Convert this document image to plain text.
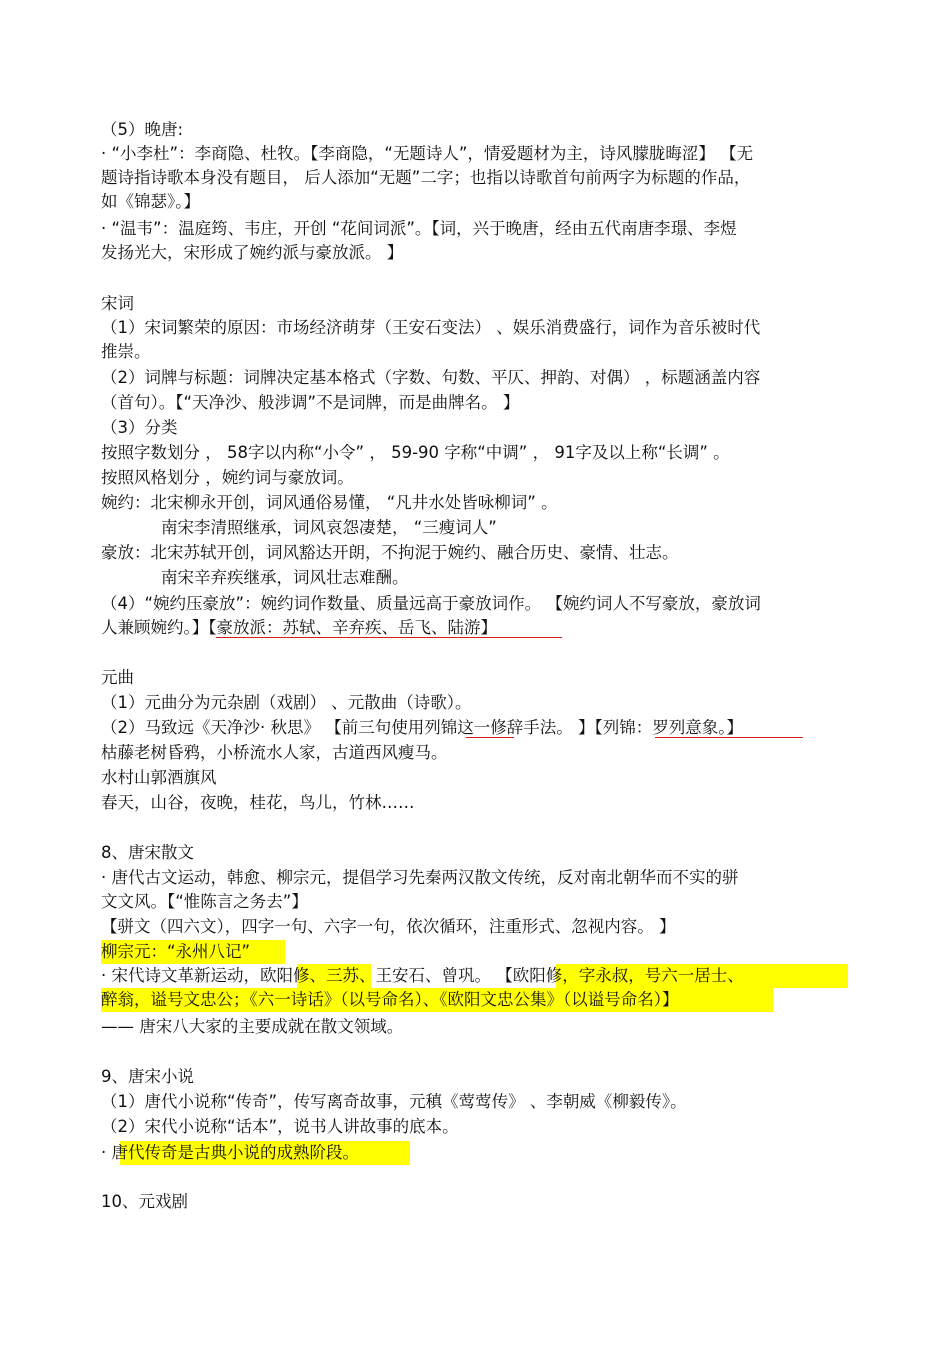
（5）晚唐:
· “小李杜”：李商隐、杜牧。【李商隐，“无题诗人”，情爱题材为主，诗风朦胧晦涩】 【无
题诗指诗歌本身没有题目， 后人添加“无题”二字；也指以诗歌首句前两字为标题的作品，
如《锦瑟》。】
· “温韦”：温庭筠、韦庄，开创 “花间词派”。【词，兴于晚唐，经由五代南唐李璟、李煜
发扬光大，宋形成了婉约派与豪放派。 】
宋词
（1）宋词繁荣的原因：市场经济萌芽（王安石变法） 、娱乐消费盛行，词作为音乐被时代
推崇。
（2）词牌与标题：词牌决定基本格式（字数、句数、平仄、押韵、对偶） ，标题涵盖内容
（首句）。【“天净沙、般涉调”不是词牌，而是曲牌名。 】
（3）分类
按照字数划分 ， 58字以内称“小令” ， 59-90 字称“中调” ， 91字及以上称“长调” 。
按照风格划分 ，婉约词与豪放词。
婉约：北宋柳永开创，词风通俗易懂， “凡井水处皆咏柳词” 。
南宋李清照继承，词风哀怨凄楚， “三瘦词人”
豪放：北宋苏轼开创，词风豁达开朗，不拘泥于婉约、融合历史、豪情、壮志。
南宋辛弃疾继承，词风壮志难酬。
（4）“婉约压豪放”：婉约词作数量、质量远高于豪放词作。 【婉约词人不写豪放，豪放词
人兼顾婉约。】【豪放派：苏轼、辛弃疾、岳飞、陆游】
元曲
（1）元曲分为元杂剧（戏剧） 、元散曲（诗歌）。
（2）马致远《天净沙· 秋思》 【前三句使用列锦这一修辞手法。 】【列锦：罗列意象。】
枯藤老树昏鸦，小桥流水人家，古道西风瘦马。
水村山郭酒旗风
春天，山谷，夜晚，桂花，鸟儿，竹林……
8、唐宋散文
· 唐代古文运动，韩愈、柳宗元，提倡学习先秦两汉散文传统，反对南北朝华而不实的骈
文文风。【“惟陈言之务去”】
【骈文（四六文），四字一句、六字一句，依次循环，注重形式、忽视内容。 】
柳宗元：“永州八记”
· 宋代诗文革新运动，欧阳修、三苏、王安石、曾巩。 【欧阳修，字永叔，号六一居士、
醉翁，谥号文忠公；《六一诗话》（以号命名）、《欧阳文忠公集》（以谥号命名）】
—— 唐宋八大家的主要成就在散文领域。
9、唐宋小说
（1）唐代小说称“传奇”，传写离奇故事，元稹《莺莺传》 、李朝威《柳毅传》。
（2）宋代小说称“话本”，说书人讲故事的底本。
· 唐代传奇是古典小说的成熟阶段。
10、元戏剧
